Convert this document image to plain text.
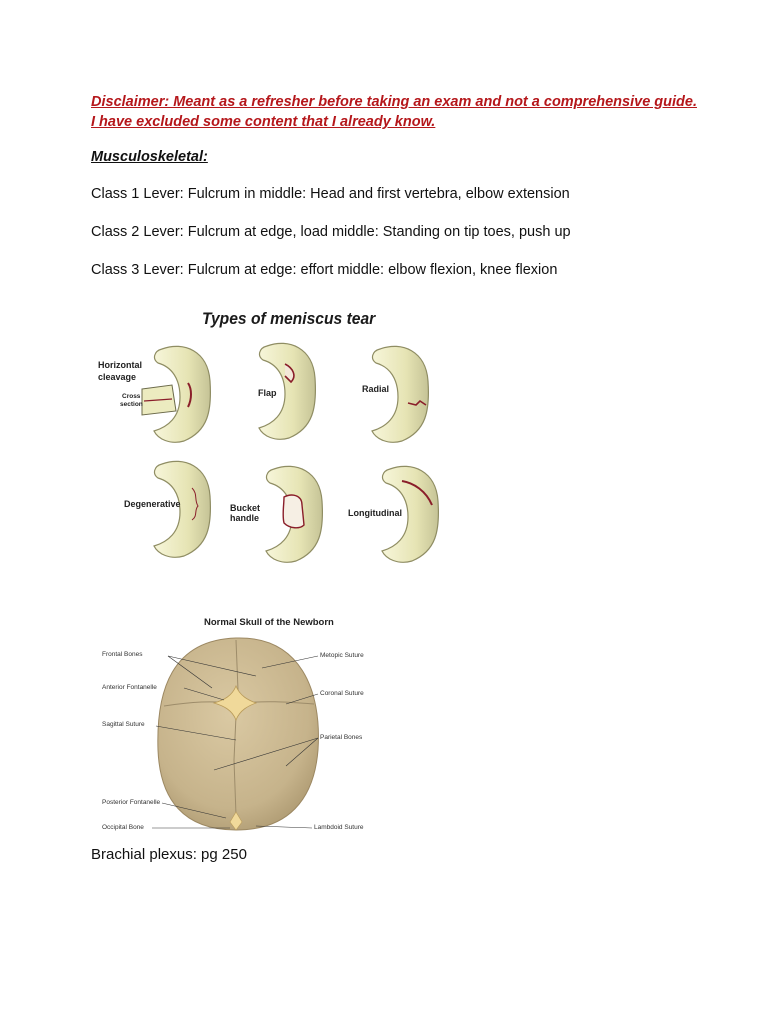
Disclaimer: Meant as a refresher before taking an exam and not a comprehensive guide. I have excluded some content that I already know.
Musculoskeletal:
Class 1 Lever: Fulcrum in middle: Head and first vertebra, elbow extension
Class 2 Lever: Fulcrum at edge, load middle: Standing on tip toes, push up
Class 3 Lever: Fulcrum at edge: effort middle: elbow flexion, knee flexion
Types of meniscus tear
Horizontal
cleavage
Cross
section
Flap	Radial
Degenerative	Bucket
handle	Longitudinal
Normal Skull of the Newborn
Frontal Bones
Anterior Fontanelle
Sagittal Suture
Posterior Fontanelle
Occipital Bone
Metopic Suture
Coronal Suture
Parietal Bones
Lambdoid Suture
Brachial plexus: pg 250
